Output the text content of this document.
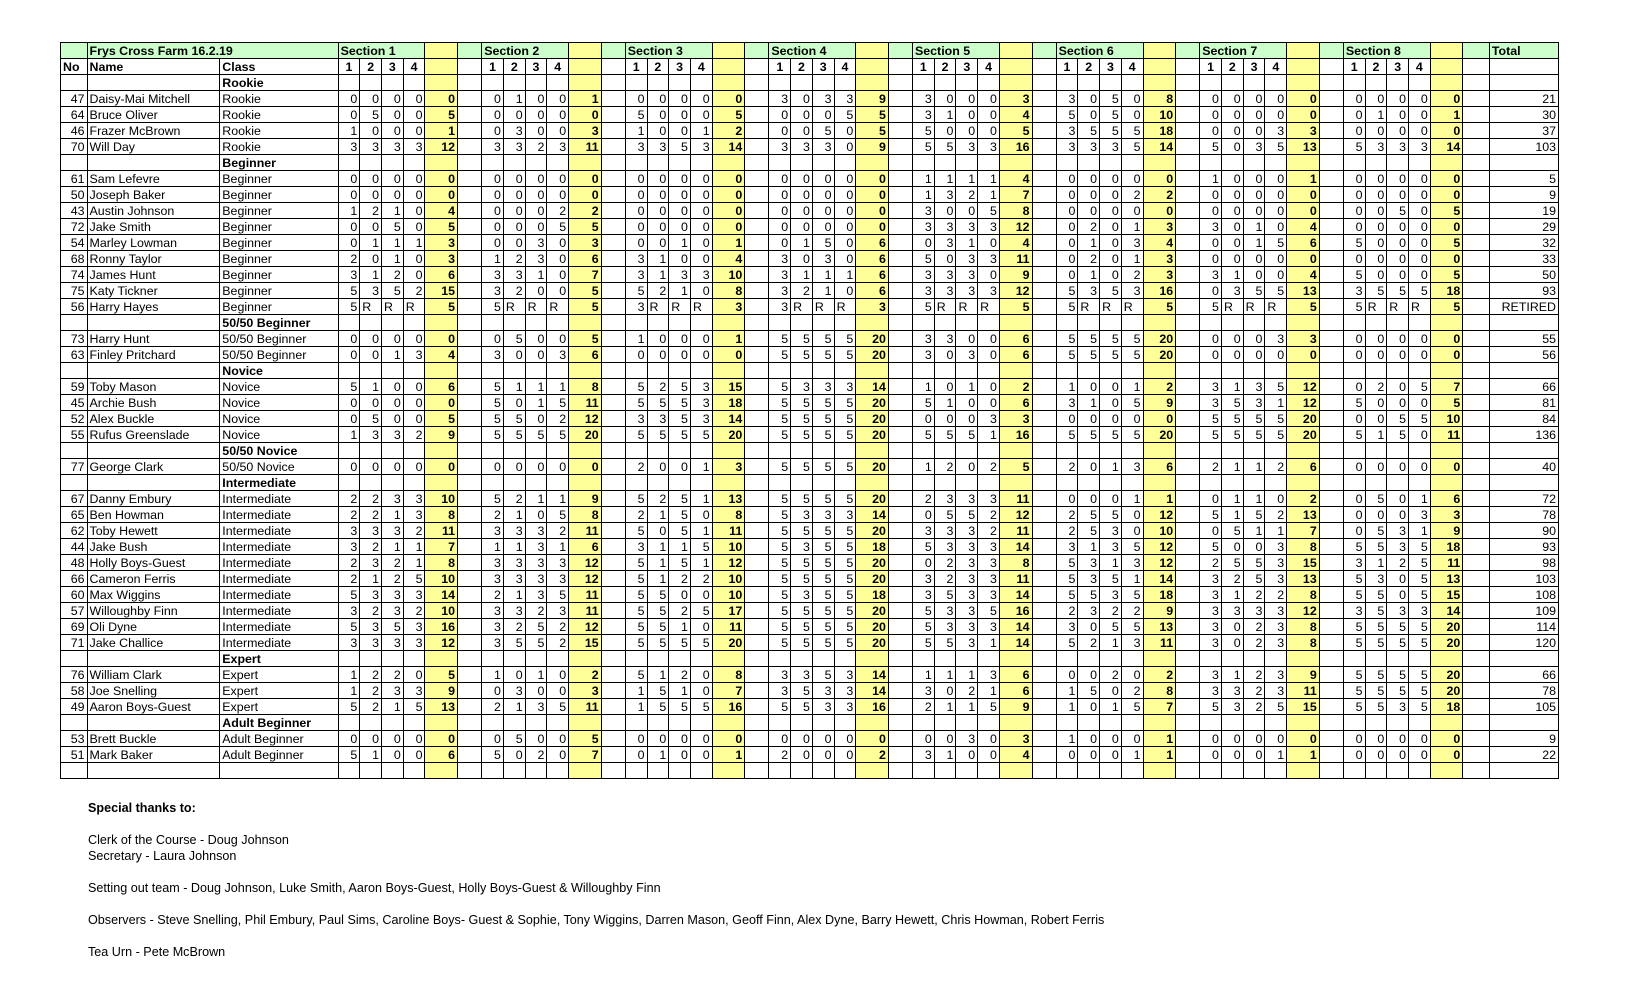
	Frys Cross Farm 16.2.19		Section 1						Section 2						Section 3						Section 4						Section 5						Section 6						Section 7						Section 8						Total
No	Name	Class	1	2	3	4			1	2	3	4			1	2	3	4			1	2	3	4			1	2	3	4			1	2	3	4			1	2	3	4			1	2	3	4			
		Rookie																																																	
47	Daisy-Mai Mitchell	Rookie	0	0	0	0	0		0	1	0	0	1		0	0	0	0	0		3	0	3	3	9		3	0	0	0	3		3	0	5	0	8		0	0	0	0	0		0	0	0	0	0		21
64	Bruce Oliver	Rookie	0	5	0	0	5		0	0	0	0	0		5	0	0	0	5		0	0	0	5	5		3	1	0	0	4		5	0	5	0	10		0	0	0	0	0		0	1	0	0	1		30
46	Frazer McBrown	Rookie	1	0	0	0	1		0	3	0	0	3		1	0	0	1	2		0	0	5	0	5		5	0	0	0	5		3	5	5	5	18		0	0	0	3	3		0	0	0	0	0		37
70	Will Day	Rookie	3	3	3	3	12		3	3	2	3	11		3	3	5	3	14		3	3	3	0	9		5	5	3	3	16		3	3	3	5	14		5	0	3	5	13		5	3	3	3	14		103
		Beginner																																																	
61	Sam Lefevre	Beginner	0	0	0	0	0		0	0	0	0	0		0	0	0	0	0		0	0	0	0	0		1	1	1	1	4		0	0	0	0	0		1	0	0	0	1		0	0	0	0	0		5
50	Joseph Baker	Beginner	0	0	0	0	0		0	0	0	0	0		0	0	0	0	0		0	0	0	0	0		1	3	2	1	7		0	0	0	2	2		0	0	0	0	0		0	0	0	0	0		9
43	Austin Johnson	Beginner	1	2	1	0	4		0	0	0	2	2		0	0	0	0	0		0	0	0	0	0		3	0	0	5	8		0	0	0	0	0		0	0	0	0	0		0	0	5	0	5		19
72	Jake Smith	Beginner	0	0	5	0	5		0	0	0	5	5		0	0	0	0	0		0	0	0	0	0		3	3	3	3	12		0	2	0	1	3		3	0	1	0	4		0	0	0	0	0		29
54	Marley Lowman	Beginner	0	1	1	1	3		0	0	3	0	3		0	0	1	0	1		0	1	5	0	6		0	3	1	0	4		0	1	0	3	4		0	0	1	5	6		5	0	0	0	5		32
68	Ronny Taylor	Beginner	2	0	1	0	3		1	2	3	0	6		3	1	0	0	4		3	0	3	0	6		5	0	3	3	11		0	2	0	1	3		0	0	0	0	0		0	0	0	0	0		33
74	James Hunt	Beginner	3	1	2	0	6		3	3	1	0	7		3	1	3	3	10		3	1	1	1	6		3	3	3	0	9		0	1	0	2	3		3	1	0	0	4		5	0	0	0	5		50
75	Katy Tickner	Beginner	5	3	5	2	15		3	2	0	0	5		5	2	1	0	8		3	2	1	0	6		3	3	3	3	12		5	3	5	3	16		0	3	5	5	13		3	5	5	5	18		93
56	Harry Hayes	Beginner	5	R	R	R	5		5	R	R	R	5		3	R	R	R	3		3	R	R	R	3		5	R	R	R	5		5	R	R	R	5		5	R	R	R	5		5	R	R	R	5		RETIRED
		50/50 Beginner																																																	
73	Harry Hunt	50/50 Beginner	0	0	0	0	0		0	5	0	0	5		1	0	0	0	1		5	5	5	5	20		3	3	0	0	6		5	5	5	5	20		0	0	0	3	3		0	0	0	0	0		55
63	Finley Pritchard	50/50 Beginner	0	0	1	3	4		3	0	0	3	6		0	0	0	0	0		5	5	5	5	20		3	0	3	0	6		5	5	5	5	20		0	0	0	0	0		0	0	0	0	0		56
		Novice																																																	
59	Toby Mason	Novice	5	1	0	0	6		5	1	1	1	8		5	2	5	3	15		5	3	3	3	14		1	0	1	0	2		1	0	0	1	2		3	1	3	5	12		0	2	0	5	7		66
45	Archie Bush	Novice	0	0	0	0	0		5	0	1	5	11		5	5	5	3	18		5	5	5	5	20		5	1	0	0	6		3	1	0	5	9		3	5	3	1	12		5	0	0	0	5		81
52	Alex Buckle	Novice	0	5	0	0	5		5	5	0	2	12		3	3	5	3	14		5	5	5	5	20		0	0	0	3	3		0	0	0	0	0		5	5	5	5	20		0	0	5	5	10		84
55	Rufus Greenslade	Novice	1	3	3	2	9		5	5	5	5	20		5	5	5	5	20		5	5	5	5	20		5	5	5	1	16		5	5	5	5	20		5	5	5	5	20		5	1	5	0	11		136
		50/50 Novice																																																	
77	George Clark	50/50 Novice	0	0	0	0	0		0	0	0	0	0		2	0	0	1	3		5	5	5	5	20		1	2	0	2	5		2	0	1	3	6		2	1	1	2	6		0	0	0	0	0		40
		Intermediate																																																	
67	Danny Embury	Intermediate	2	2	3	3	10		5	2	1	1	9		5	2	5	1	13		5	5	5	5	20		2	3	3	3	11		0	0	0	1	1		0	1	1	0	2		0	5	0	1	6		72
65	Ben Howman	Intermediate	2	2	1	3	8		2	1	0	5	8		2	1	5	0	8		5	3	3	3	14		0	5	5	2	12		2	5	5	0	12		5	1	5	2	13		0	0	0	3	3		78
62	Toby Hewett	Intermediate	3	3	3	2	11		3	3	3	2	11		5	0	5	1	11		5	5	5	5	20		3	3	3	2	11		2	5	3	0	10		0	5	1	1	7		0	5	3	1	9		90
44	Jake Bush	Intermediate	3	2	1	1	7		1	1	3	1	6		3	1	1	5	10		5	3	5	5	18		5	3	3	3	14		3	1	3	5	12		5	0	0	3	8		5	5	3	5	18		93
48	Holly Boys-Guest	Intermediate	2	3	2	1	8		3	3	3	3	12		5	1	5	1	12		5	5	5	5	20		0	2	3	3	8		5	3	1	3	12		2	5	5	3	15		3	1	2	5	11		98
66	Cameron Ferris	Intermediate	2	1	2	5	10		3	3	3	3	12		5	1	2	2	10		5	5	5	5	20		3	2	3	3	11		5	3	5	1	14		3	2	5	3	13		5	3	0	5	13		103
60	Max Wiggins	Intermediate	5	3	3	3	14		2	1	3	5	11		5	5	0	0	10		5	3	5	5	18		3	5	3	3	14		5	5	3	5	18		3	1	2	2	8		5	5	0	5	15		108
57	Willoughby Finn	Intermediate	3	2	3	2	10		3	3	2	3	11		5	5	2	5	17		5	5	5	5	20		5	3	3	5	16		2	3	2	2	9		3	3	3	3	12		3	5	3	3	14		109
69	Oli Dyne	Intermediate	5	3	5	3	16		3	2	5	2	12		5	5	1	0	11		5	5	5	5	20		5	3	3	3	14		3	0	5	5	13		3	0	2	3	8		5	5	5	5	20		114
71	Jake Challice	Intermediate	3	3	3	3	12		3	5	5	2	15		5	5	5	5	20		5	5	5	5	20		5	5	3	1	14		5	2	1	3	11		3	0	2	3	8		5	5	5	5	20		120
		Expert																																																	
76	William Clark	Expert	1	2	2	0	5		1	0	1	0	2		5	1	2	0	8		3	3	5	3	14		1	1	1	3	6		0	0	2	0	2		3	1	2	3	9		5	5	5	5	20		66
58	Joe Snelling	Expert	1	2	3	3	9		0	3	0	0	3		1	5	1	0	7		3	5	3	3	14		3	0	2	1	6		1	5	0	2	8		3	3	2	3	11		5	5	5	5	20		78
49	Aaron Boys-Guest	Expert	5	2	1	5	13		2	1	3	5	11		1	5	5	5	16		5	5	3	3	16		2	1	1	5	9		1	0	1	5	7		5	3	2	5	15		5	5	3	5	18		105
		Adult Beginner																																																	
53	Brett Buckle	Adult Beginner	0	0	0	0	0		0	5	0	0	5		0	0	0	0	0		0	0	0	0	0		0	0	3	0	3		1	0	0	0	1		0	0	0	0	0		0	0	0	0	0		9
51	Mark Baker	Adult Beginner	5	1	0	0	6		5	0	2	0	7		0	1	0	0	1		2	0	0	0	2		3	1	0	0	4		0	0	0	1	1		0	0	0	1	1		0	0	0	0	0		22

Special thanks to:
Clerk of the Course - Doug Johnson
Secretary - Laura Johnson
Setting out team - Doug Johnson, Luke Smith, Aaron Boys-Guest, Holly Boys-Guest & Willoughby Finn
Observers - Steve Snelling, Phil Embury, Paul Sims, Caroline Boys- Guest & Sophie, Tony Wiggins, Darren Mason, Geoff Finn, Alex Dyne, Barry Hewett, Chris Howman, Robert Ferris
Tea Urn - Pete McBrown
